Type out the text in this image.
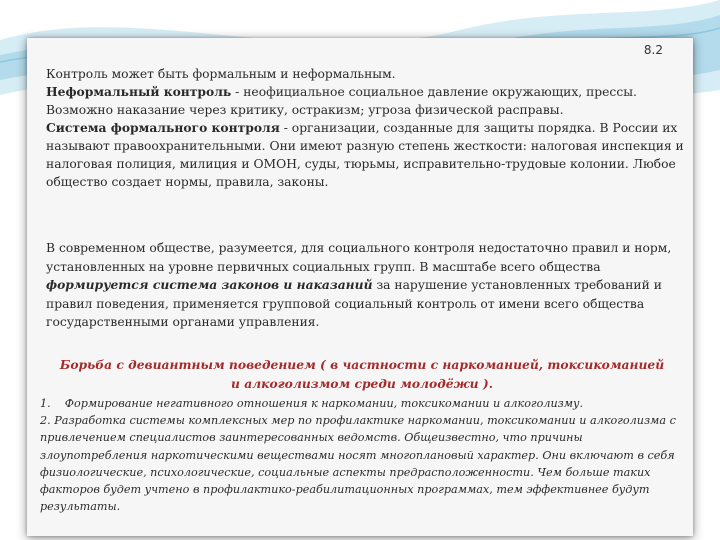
8.2

Контроль может быть формальным и неформальным.

Неформальный контроль - неофициальное социальное давление окружающих, прессы. Возможно наказание через критику, остракизм; угроза физической расправы.

Система формального контроля - организации, созданные для защиты порядка. В России их называют правоохранительными. Они имеют разную степень жесткости: налоговая инспекция и налоговая полиция, милиция и ОМОН, суды, тюрьмы, исправительно-трудовые колонии. Любое общество создает нормы, правила, законы.

В современном обществе, разумеется, для социального контроля недостаточно правил и норм, установленных на уровне первичных социальных групп. В масштабе всего общества формируется система законов и наказаний за нарушение установленных требований и правил поведения, применяется групповой социальный контроль от имени всего общества государственными органами управления.

Борьба с девиантным поведением ( в частности с наркоманией, токсикоманией и алкоголизмом среди молодёжи ).

1. Формирование негативного отношения к наркомании, токсикомании и алкоголизму.

2. Разработка системы комплексных мер по профилактике наркомании, токсикомании и алкоголизма с привлечением специалистов заинтересованных ведомств. Общеизвестно, что причины злоупотребления наркотическими веществами носят многоплановый характер. Они включают в себя физиологические, психологические, социальные аспекты предрасположенности. Чем больше таких факторов будет учтено в профилактико-реабилитационных программах, тем эффективнее будут результаты.
